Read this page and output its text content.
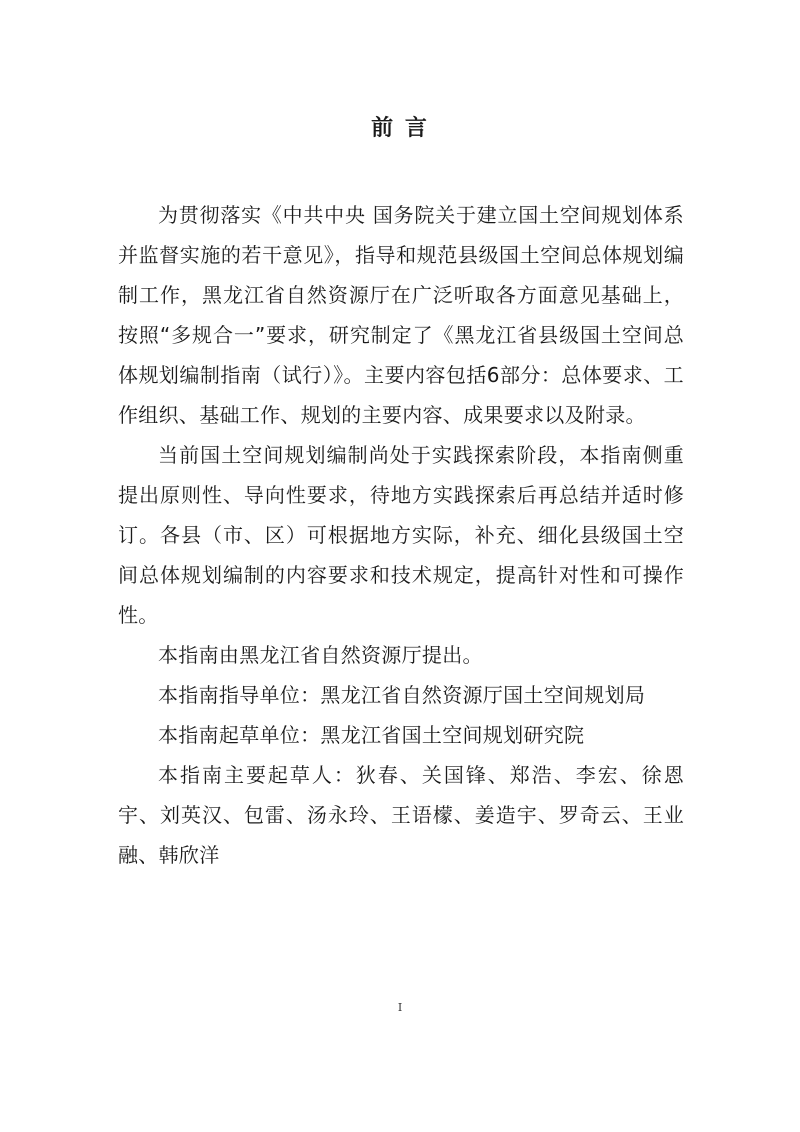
前 言

为贯彻落实《中共中央 国务院关于建立国土空间规划体系并监督实施的若干意见》，指导和规范县级国土空间总体规划编制工作，黑龙江省自然资源厅在广泛听取各方面意见基础上，按照“多规合一”要求，研究制定了《黑龙江省县级国土空间总体规划编制指南（试行）》。主要内容包括6部分：总体要求、工作组织、基础工作、规划的主要内容、成果要求以及附录。

当前国土空间规划编制尚处于实践探索阶段，本指南侧重提出原则性、导向性要求，待地方实践探索后再总结并适时修订。各县（市、区）可根据地方实际，补充、细化县级国土空间总体规划编制的内容要求和技术规定，提高针对性和可操作性。

本指南由黑龙江省自然资源厅提出。

本指南指导单位：黑龙江省自然资源厅国土空间规划局

本指南起草单位：黑龙江省国土空间规划研究院

本指南主要起草人：狄春、关国锋、郑浩、李宏、徐恩宇、刘英汉、包雷、汤永玲、王语檬、姜造宇、罗奇云、王业融、韩欣洋

I
